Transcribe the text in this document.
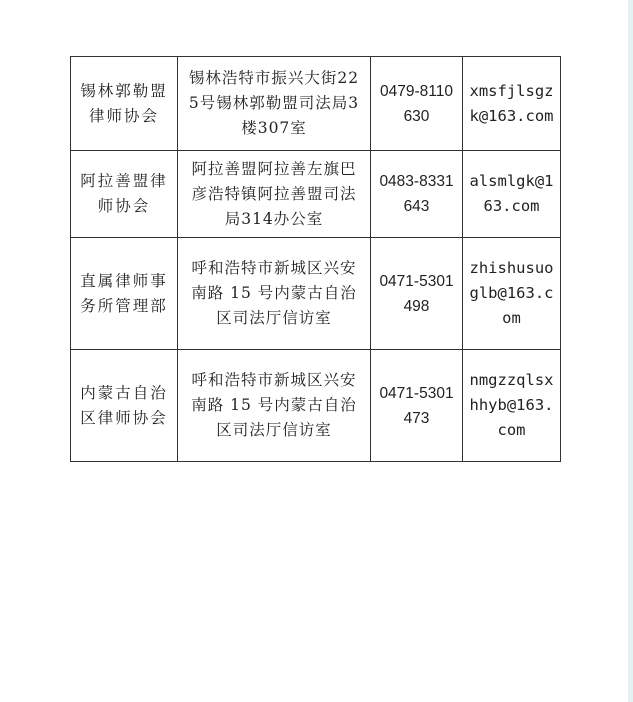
锡林郭勒盟律师协会	锡林浩特市振兴大街225号锡林郭勒盟司法局3楼307室	0479-8110630	xmsfjlsgzk@163.com

阿拉善盟律师协会	阿拉善盟阿拉善左旗巴彦浩特镇阿拉善盟司法局314办公室	0483-8331643	alsmlgk@163.com

直属律师事务所管理部	呼和浩特市新城区兴安南路 15 号内蒙古自治区司法厅信访室	0471-5301498	zhishusuoglb@163.com

内蒙古自治区律师协会	呼和浩特市新城区兴安南路 15 号内蒙古自治区司法厅信访室	0471-5301473	nmgzzqlsxhhyb@163.com
